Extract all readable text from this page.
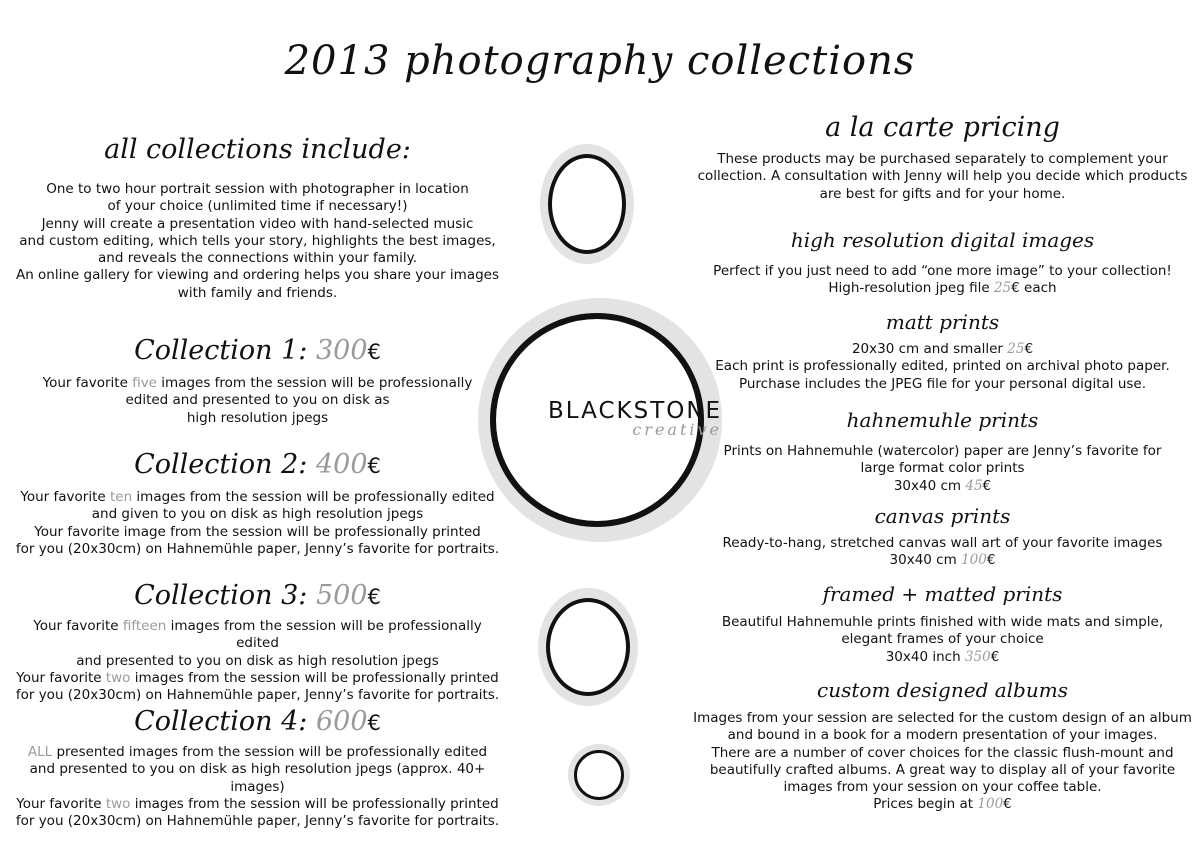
2013 photography collections
all collections include:

One to two hour portrait session with photographer in location

of your choice (unlimited time if necessary!)

Jenny will create a presentation video with hand-selected music

and custom editing, which tells your story, highlights the best images,

and reveals the connections within your family.

An online gallery for viewing and ordering helps you share your images

with family and friends.

Collection 1: 300€

Your favorite five images from the session will be professionally

edited and presented to you on disk as

high resolution jpegs

Collection 2: 400€

Your favorite ten images from the session will be professionally edited

and given to you on disk as high resolution jpegs

Your favorite image from the session will be professionally printed

for you (20x30cm) on Hahnemühle paper, Jenny’s favorite for portraits.

Collection 3: 500€

Your favorite fifteen images from the session will be professionally edited

and presented to you on disk as high resolution jpegs

Your favorite two images from the session will be professionally printed

for you (20x30cm) on Hahnemühle paper, Jenny’s favorite for portraits.

Collection 4: 600€

ALL presented images from the session will be professionally edited

and presented to you on disk as high resolution jpegs (approx. 40+ images)

Your favorite two images from the session will be professionally printed

for you (20x30cm) on Hahnemühle paper, Jenny’s favorite for portraits.

BLACKSTONE
creative
a la carte pricing

These products may be purchased separately to complement your

collection. A consultation with Jenny will help you decide which products

are best for gifts and for your home.

high resolution digital images

Perfect if you just need to add “one more image” to your collection!

High-resolution jpeg file 25€ each

matt prints

20x30 cm and smaller 25€

Each print is professionally edited, printed on archival photo paper.

Purchase includes the JPEG file for your personal digital use.

hahnemuhle prints

Prints on Hahnemuhle (watercolor) paper are Jenny’s favorite for

large format color prints

30x40 cm 45€

canvas prints

Ready-to-hang, stretched canvas wall art of your favorite images

30x40 cm 100€

framed + matted prints

Beautiful Hahnemuhle prints finished with wide mats and simple,

elegant frames of your choice

30x40 inch 350€

custom designed albums

Images from your session are selected for the custom design of an album

and bound in a book for a modern presentation of your images.

There are a number of cover choices for the classic flush-mount and

beautifully crafted albums. A great way to display all of your favorite

images from your session on your coffee table.

Prices begin at 100€
